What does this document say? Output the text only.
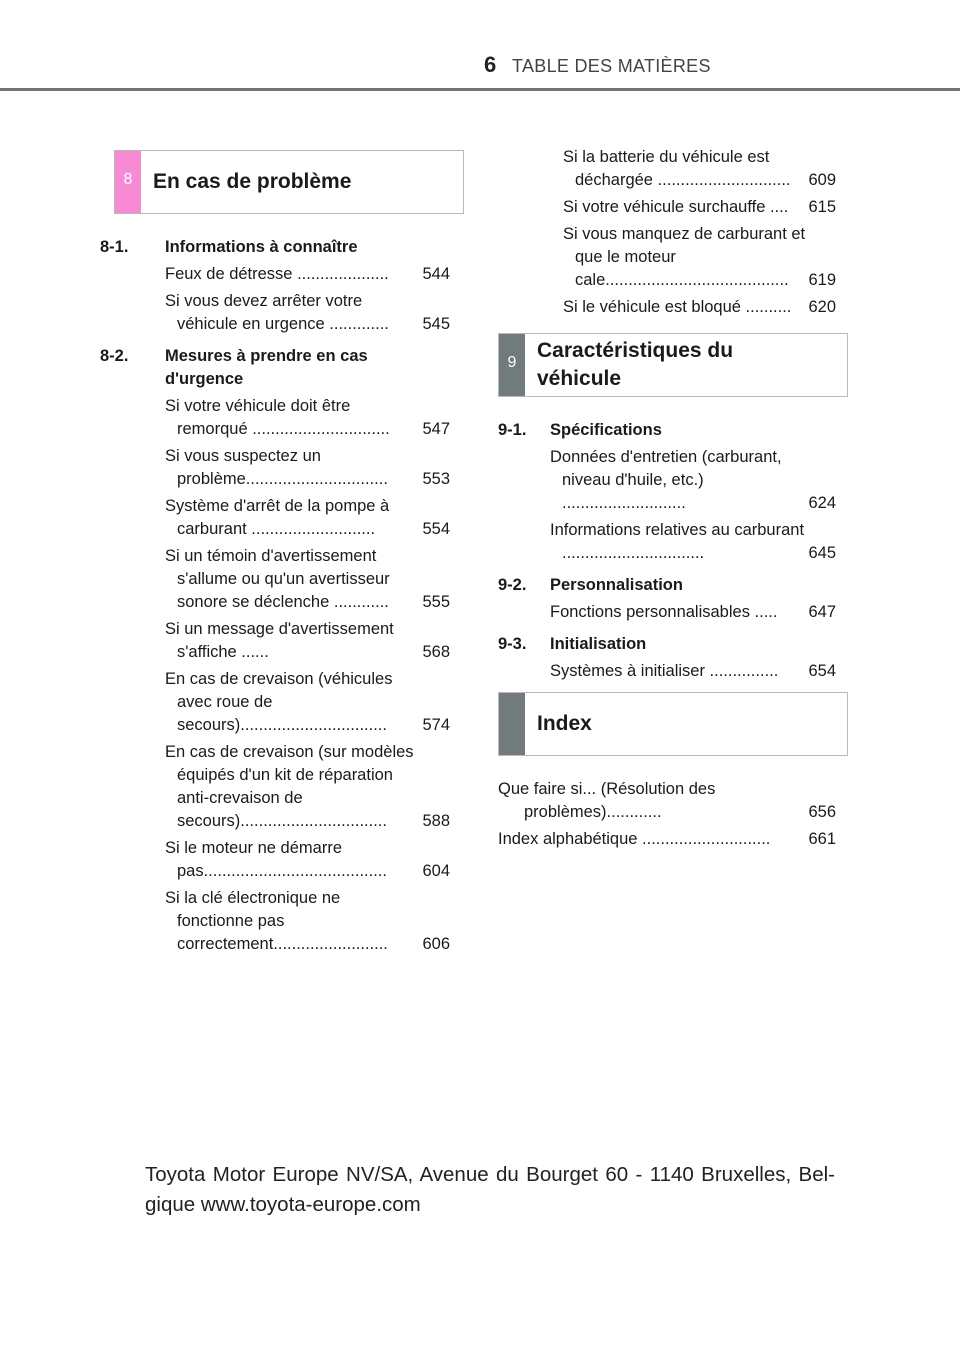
6 TABLE DES MATIÈRES
8 En cas de problème
8-1.	Informations à connaître
Feux de détresse ....................	544
Si vous devez arrêter votre véhicule en urgence .............	545
8-2.	Mesures à prendre en cas d'urgence
Si votre véhicule doit être remorqué ..............................	547
Si vous suspectez un problème...............................	553
Système d'arrêt de la pompe à carburant ...........................	554
Si un témoin d'avertissement s'allume ou qu'un avertisseur sonore se déclenche ............	555
Si un message d'avertissement s'affiche ......	568
En cas de crevaison (véhicules avec roue de secours)................................	574
En cas de crevaison (sur modèles équipés d'un kit de réparation anti-crevaison de secours)................................	588
Si le moteur ne démarre pas........................................	604
Si la clé électronique ne fonctionne pas correctement.........................	606
Si la batterie du véhicule est déchargée .............................	609
Si votre véhicule surchauffe ....	615
Si vous manquez de carburant et que le moteur cale........................................	619
Si le véhicule est bloqué ..........	620
9
Caractéristiques du véhicule
9-1.	Spécifications
Données d'entretien (carburant, niveau d'huile, etc.) ...........................	624
Informations relatives au carburant ...............................	645
9-2.	Personnalisation
Fonctions personnalisables .....	647
9-3.	Initialisation
Systèmes à initialiser ...............	654
Index
Que faire si... (Résolution des problèmes)............	656
Index alphabétique ............................	661
Toyota Motor Europe NV/SA, Avenue du Bourget 60 - 1140 Bruxelles, Bel-gique www.toyota-europe.com
